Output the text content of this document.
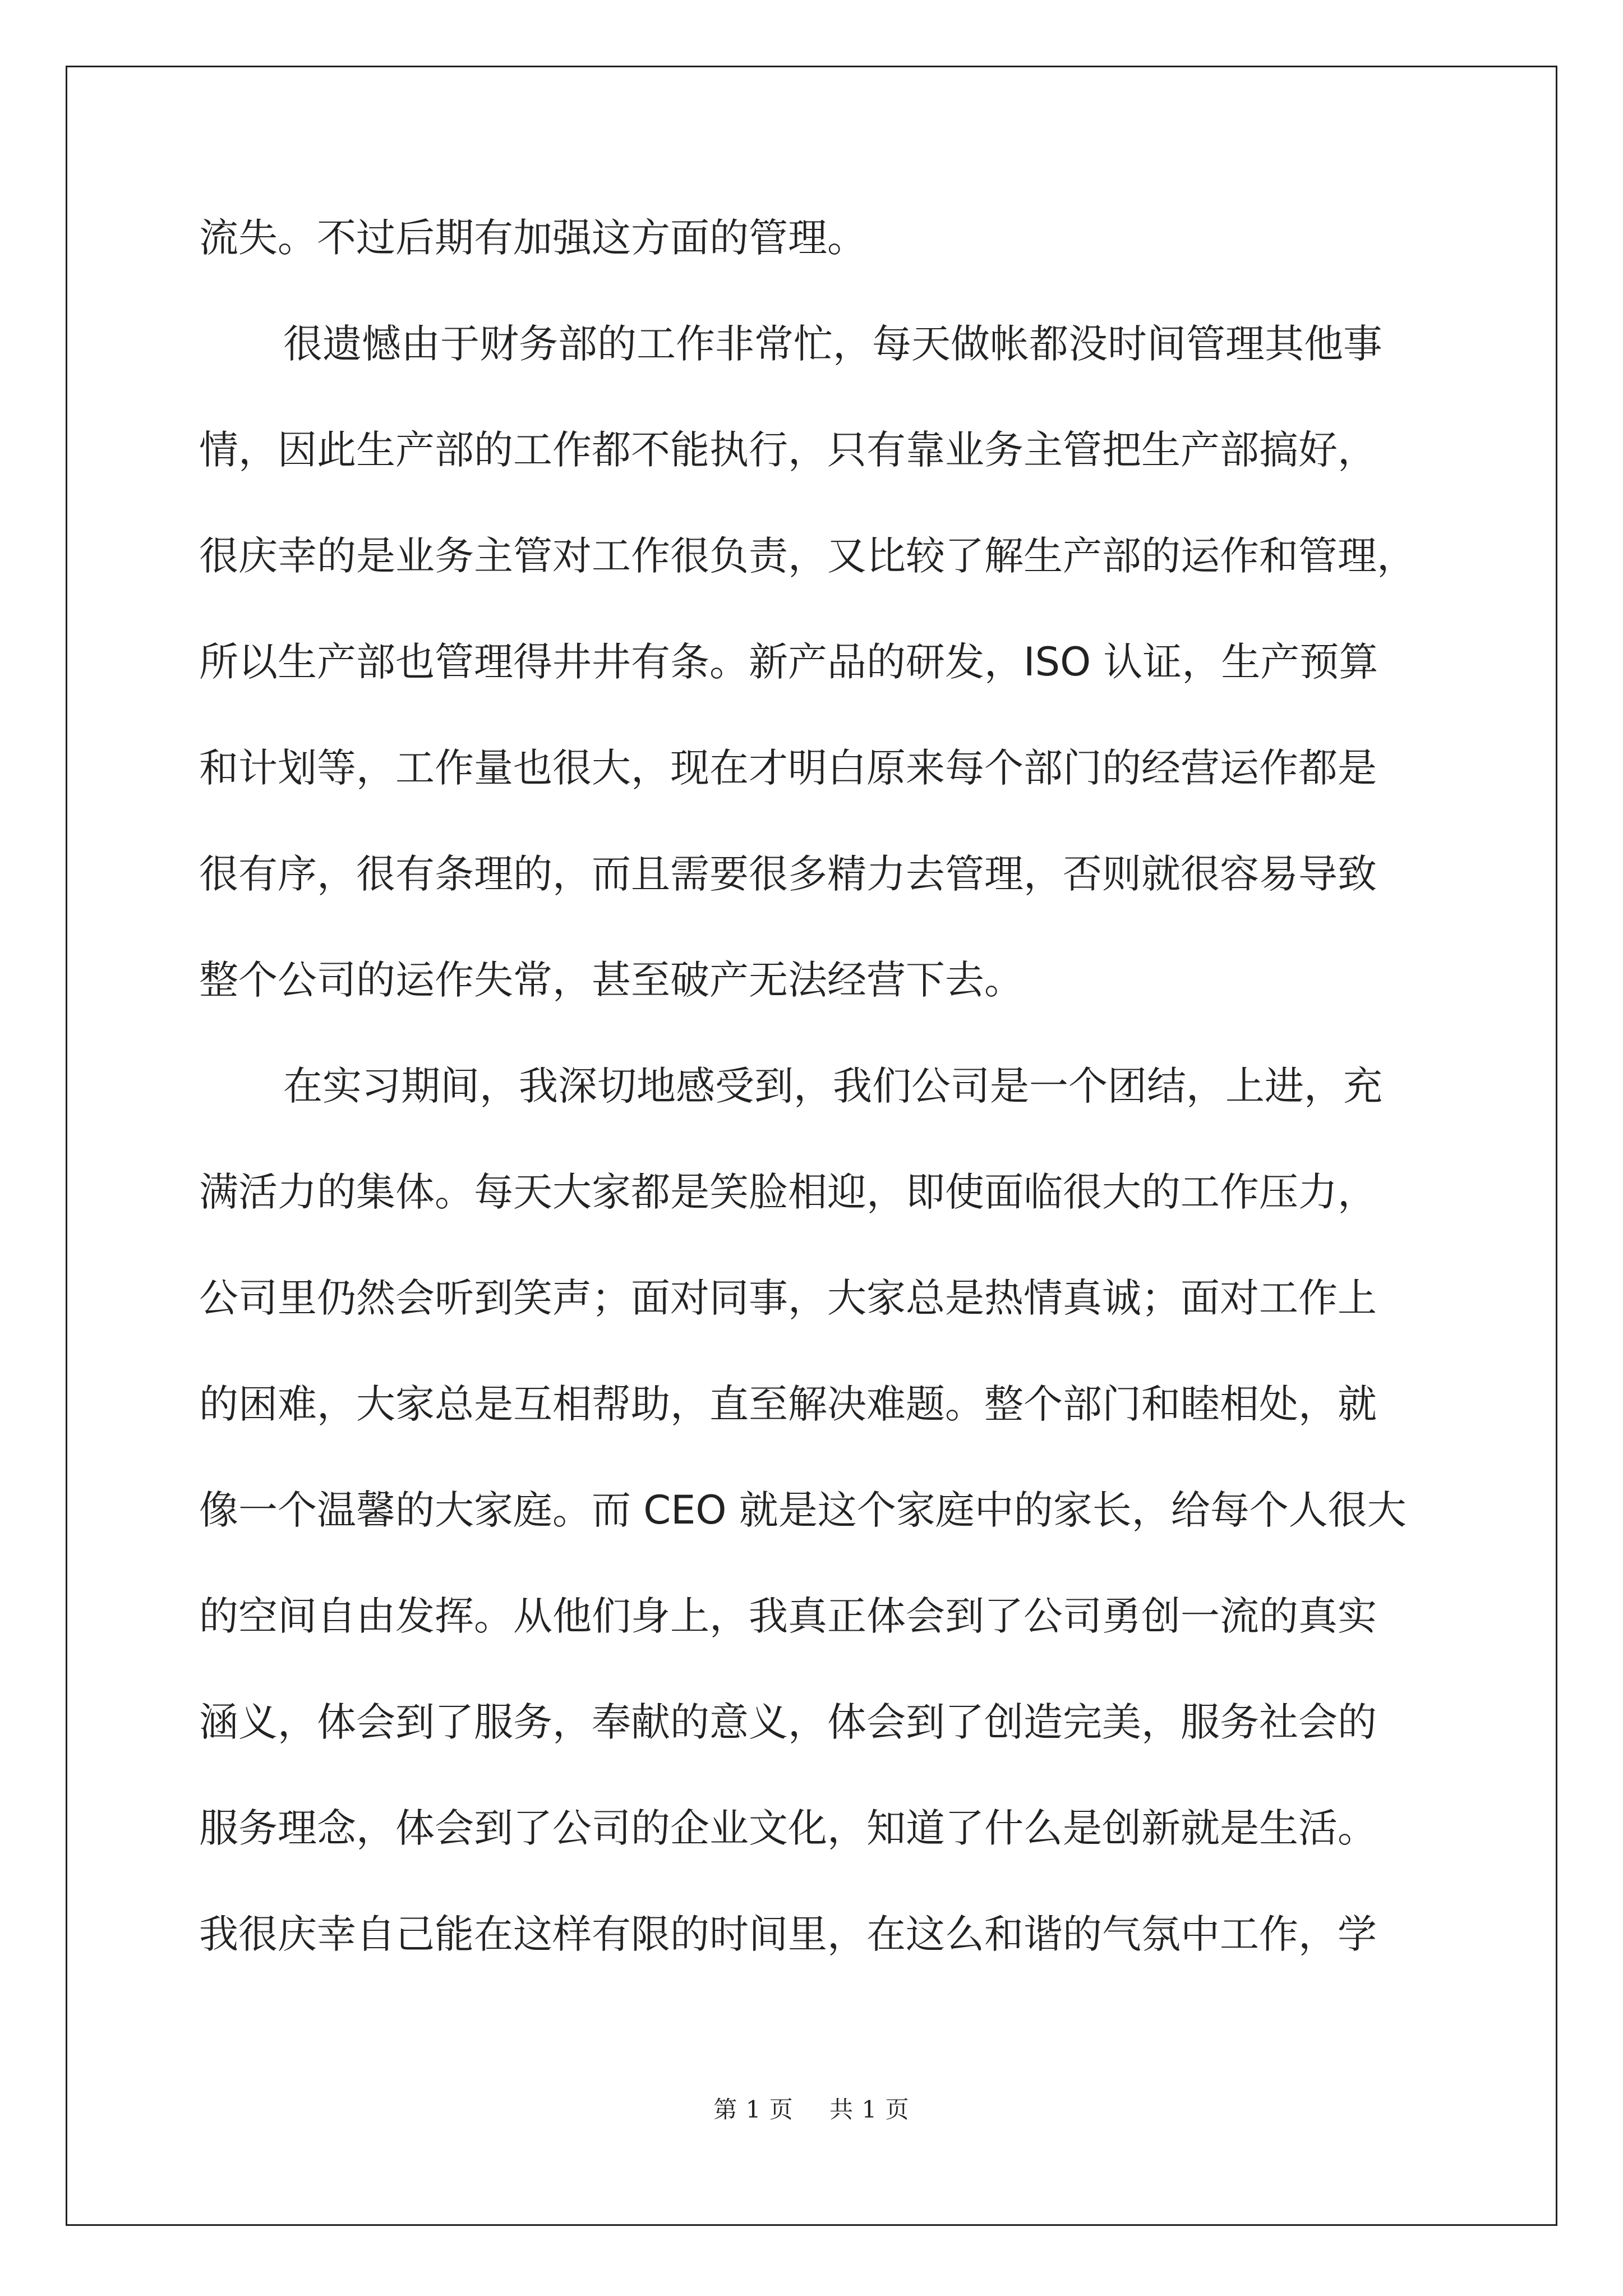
流失。不过后期有加强这方面的管理。
很遗憾由于财务部的工作非常忙，每天做帐都没时间管理其他事
情，因此生产部的工作都不能执行，只有靠业务主管把生产部搞好，
很庆幸的是业务主管对工作很负责，又比较了解生产部的运作和管理，
所以生产部也管理得井井有条。新产品的研发，ISO 认证，生产预算
和计划等，工作量也很大，现在才明白原来每个部门的经营运作都是
很有序，很有条理的，而且需要很多精力去管理，否则就很容易导致
整个公司的运作失常，甚至破产无法经营下去。
在实习期间，我深切地感受到，我们公司是一个团结，上进，充
满活力的集体。每天大家都是笑脸相迎，即使面临很大的工作压力，
公司里仍然会听到笑声；面对同事，大家总是热情真诚；面对工作上
的困难，大家总是互相帮助，直至解决难题。整个部门和睦相处，就
像一个温馨的大家庭。而 CEO 就是这个家庭中的家长，给每个人很大
的空间自由发挥。从他们身上，我真正体会到了公司勇创一流的真实
涵义，体会到了服务，奉献的意义，体会到了创造完美，服务社会的
服务理念，体会到了公司的企业文化，知道了什么是创新就是生活。
我很庆幸自己能在这样有限的时间里，在这么和谐的气氛中工作，学
第 1 页 共 1 页
